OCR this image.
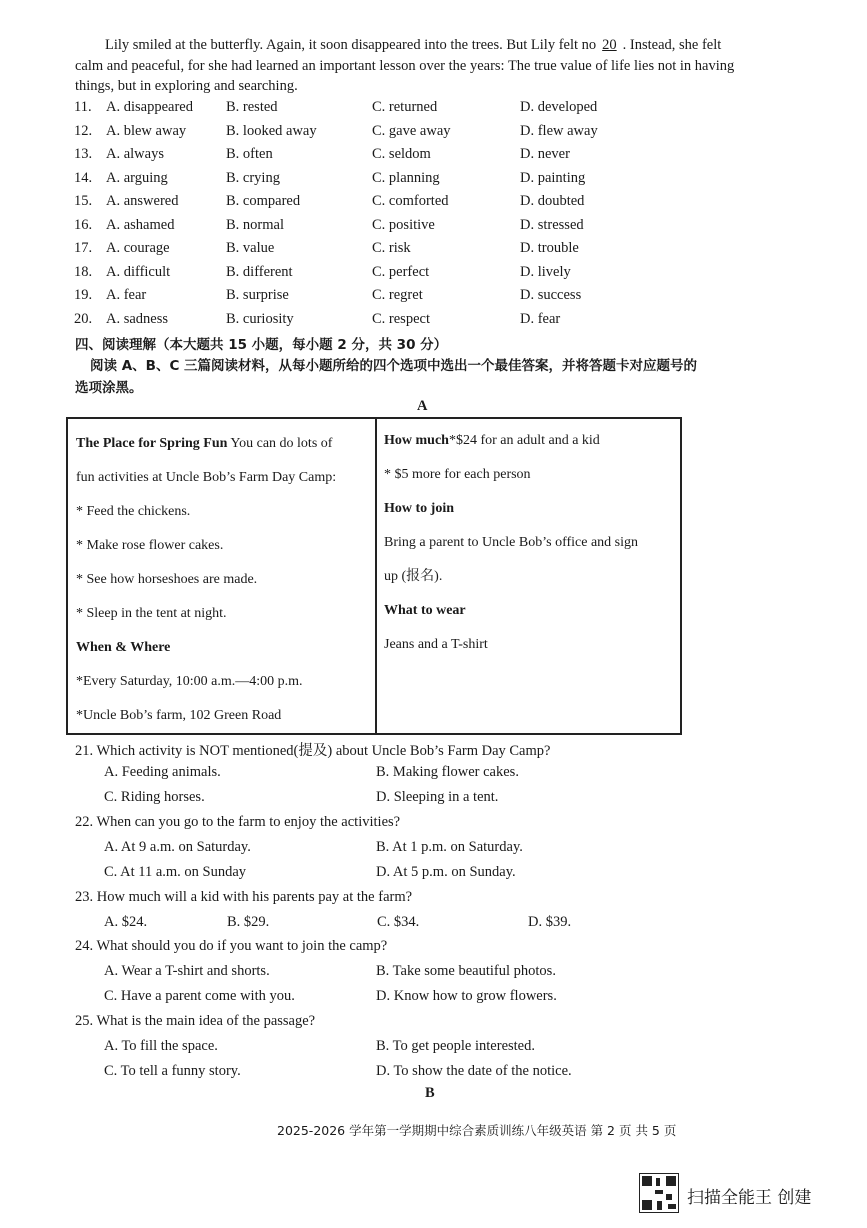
Lily smiled at the butterfly. Again, it soon disappeared into the trees. But Lily felt no 20 . Instead, she felt
calm and peaceful, for she had learned an important lesson over the years: The true value of life lies not in having
things, but in exploring and searching.
11. A. disappeared B. rested	C. returned	D. developed
12. A. blew away	B. looked away	C. gave away	D. flew away
13. A. always	B. often	C. seldom	D. never
14. A. arguing	B. crying	C. planning	D. painting
15. A. answered	B. compared	C. comforted	D. doubted
16. A. ashamed	B. normal	C. positive	D. stressed
17. A. courage	B. value	C. risk	D. trouble
18. A. difficult	B. different	C. perfect	D. lively
19. A. fear	B. surprise	C. regret	D. success
20. A. sadness	B. curiosity	C. respect	D. fear
四、阅读理解（本大题共 15 小题，每小题 2 分，共 30 分）
阅读 A、B、C 三篇阅读材料，从每小题所给的四个选项中选出一个最佳答案，并将答题卡对应题号的
选项涂黑。
A
The Place for Spring Fun You can do lots of
fun activities at Uncle Bob’s Farm Day Camp:
* Feed the chickens.
* Make rose flower cakes.
* See how horseshoes are made.
* Sleep in the tent at night.
When & Where
*Every Saturday, 10:00 a.m.—4:00 p.m.
*Uncle Bob’s farm, 102 Green Road
How much*$24 for an adult and a kid
* $5 more for each person
How to join
Bring a parent to Uncle Bob’s office and sign
up (报名).
What to wear
Jeans and a T-shirt
21. Which activity is NOT mentioned(提及) about Uncle Bob’s Farm Day Camp?
A. Feeding animals.	B. Making flower cakes.
C. Riding horses.	D. Sleeping in a tent.
22. When can you go to the farm to enjoy the activities?
A. At 9 a.m. on Saturday.	B. At 1 p.m. on Saturday.
C. At 11 a.m. on Sunday	D. At 5 p.m. on Sunday.
23. How much will a kid with his parents pay at the farm?
A. $24.	B. $29.	C. $34.	D. $39.
24. What should you do if you want to join the camp?
A. Wear a T-shirt and shorts.	B. Take some beautiful photos.
C. Have a parent come with you.	D. Know how to grow flowers.
25. What is the main idea of the passage?
A. To fill the space.	B. To get people interested.
C. To tell a funny story.	D. To show the date of the notice.
B
2025-2026 学年第一学期期中综合素质训练八年级英语 第 2 页 共 5 页
扫描全能王 创建
